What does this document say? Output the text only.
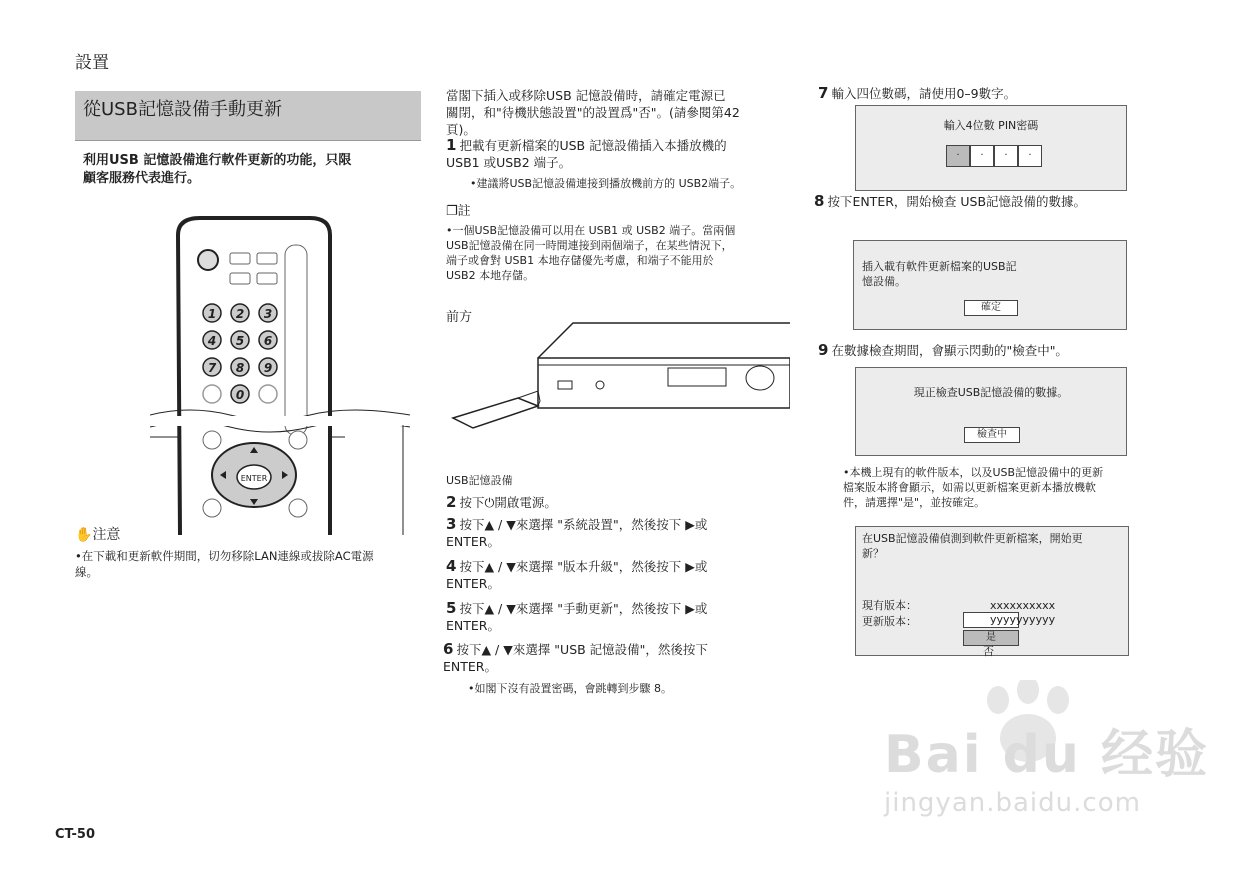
設置
從USB記憶設備手動更新
利用USB 記憶設備進行軟件更新的功能，只限
顧客服務代表進行。
1 2 3
4 5 6
7 8 9
0
ENTER
✋注意
•在下載和更新軟件期間，切勿移除LAN連線或拔除AC電源
線。
當閣下插入或移除USB 記憶設備時，請確定電源已
關閉，和"待機狀態設置"的設置爲"否"。(請參閱第42
頁)。
1 把載有更新檔案的USB 記憶設備插入本播放機的
USB1 或USB2 端子。
•建議將USB記憶設備連接到播放機前方的 USB2端子。
❐註
•一個USB記憶設備可以用在 USB1 或 USB2 端子。當兩個
USB記憶設備在同一時間連接到兩個端子，在某些情況下，
端子或會對 USB1 本地存儲優先考慮，和端子不能用於
USB2 本地存儲。
前方
USB記憶設備
2 按下⏻開啟電源。
3 按下▲ / ▼來選擇 "系統設置"，然後按下 ▶或
ENTER。
4 按下▲ / ▼來選擇 "版本升級"，然後按下 ▶或
ENTER。
5 按下▲ / ▼來選擇 "手動更新"，然後按下 ▶或
ENTER。
6 按下▲ / ▼來選擇 "USB 記憶設備"，然後按下
ENTER。
•如閣下沒有設置密碼，會跳轉到步驟 8。
7 輸入四位數碼，請使用0–9數字。
輸入4位數 PIN密碼
·	·	·	·
8 按下ENTER，開始檢查 USB記憶設備的數據。
插入載有軟件更新檔案的USB記
憶設備。
確定
9 在數據檢查期間，會顯示閃動的"檢查中"。
現正檢查USB記憶設備的數據。
檢查中
•本機上現有的軟件版本，以及USB記憶設備中的更新
檔案版本將會顯示，如需以更新檔案更新本播放機軟
件，請選擇"是"，並按確定。
在USB記憶設備偵測到軟件更新檔案，開始更
新？
現有版本：	xxxxxxxxxx
更新版本：	yyyyyyyyyy
是
否
CT-50
Bai du 经验
jingyan.baidu.com
